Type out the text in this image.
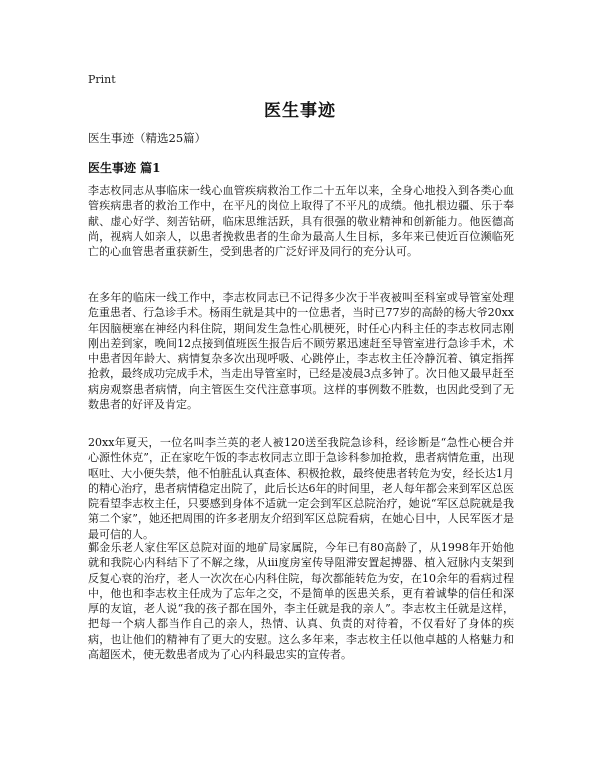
Print
医生事迹
医生事迹（精选25篇）
医生事迹 篇1

李志枚同志从事临床一线心血管疾病救治工作二十五年以来，全身心地投入到各类心血管疾病患者的救治工作中，在平凡的岗位上取得了不平凡的成绩。他扎根边疆、乐于奉献、虚心好学、刻苦钻研，临床思维活跃，具有很强的敬业精神和创新能力。他医德高尚，视病人如亲人，以患者挽救患者的生命为最高人生目标，多年来已使近百位濒临死亡的心血管患者重获新生，受到患者的广泛好评及同行的充分认可。

在多年的临床一线工作中，李志枚同志已不记得多少次于半夜被叫至科室或导管室处理危重患者、行急诊手术。杨雨生就是其中的一位患者，当时已77岁的高龄的杨大爷20xx年因脑梗塞在神经内科住院，期间发生急性心肌梗死，时任心内科主任的李志枚同志刚刚出差到家，晚间12点接到值班医生报告后不顾劳累迅速赶至导管室进行急诊手术，术中患者因年龄大、病情复杂多次出现呼吸、心跳停止，李志枚主任冷静沉着、镇定指挥抢救，最终成功完成手术，当走出导管室时，已经是凌晨3点多钟了。次日他又最早赶至病房观察患者病情，向主管医生交代注意事项。这样的事例数不胜数，也因此受到了无数患者的好评及肯定。

20xx年夏天，一位名叫李兰英的老人被120送至我院急诊科，经诊断是“急性心梗合并心源性休克”，正在家吃午饭的李志枚同志立即于急诊科参加抢救，患者病情危重，出现呕吐、大小便失禁，他不怕脏乱认真查体、积极抢救，最终使患者转危为安，经长达1月的精心治疗，患者病情稳定出院了，此后长达6年的时间里，老人每年都会来到军区总医院看望李志枚主任，只要感到身体不适就一定会到军区总院治疗，她说“军区总院就是我第二个家”，她还把周围的许多老朋友介绍到军区总院看病，在她心目中，人民军医才是最可信的人。

鄞金乐老人家住军区总院对面的地矿局家属院，今年已有80高龄了，从1998年开始他就和我院心内科结下了不解之缘，从iii度房室传导阻滞安置起搏器、植入冠脉内支架到反复心衰的治疗，老人一次次在心内科住院，每次都能转危为安，在10余年的看病过程中，他也和李志枚主任成为了忘年之交，不是简单的医患关系，更有着诚挚的信任和深厚的友谊，老人说“我的孩子都在国外，李主任就是我的亲人”。李志枚主任就是这样，把每一个病人都当作自己的亲人，热情、认真、负责的对待着，不仅看好了身体的疾病，也让他们的精神有了更大的安慰。这么多年来，李志枚主任以他卓越的人格魅力和高超医术，使无数患者成为了心内科最忠实的宣传者。
